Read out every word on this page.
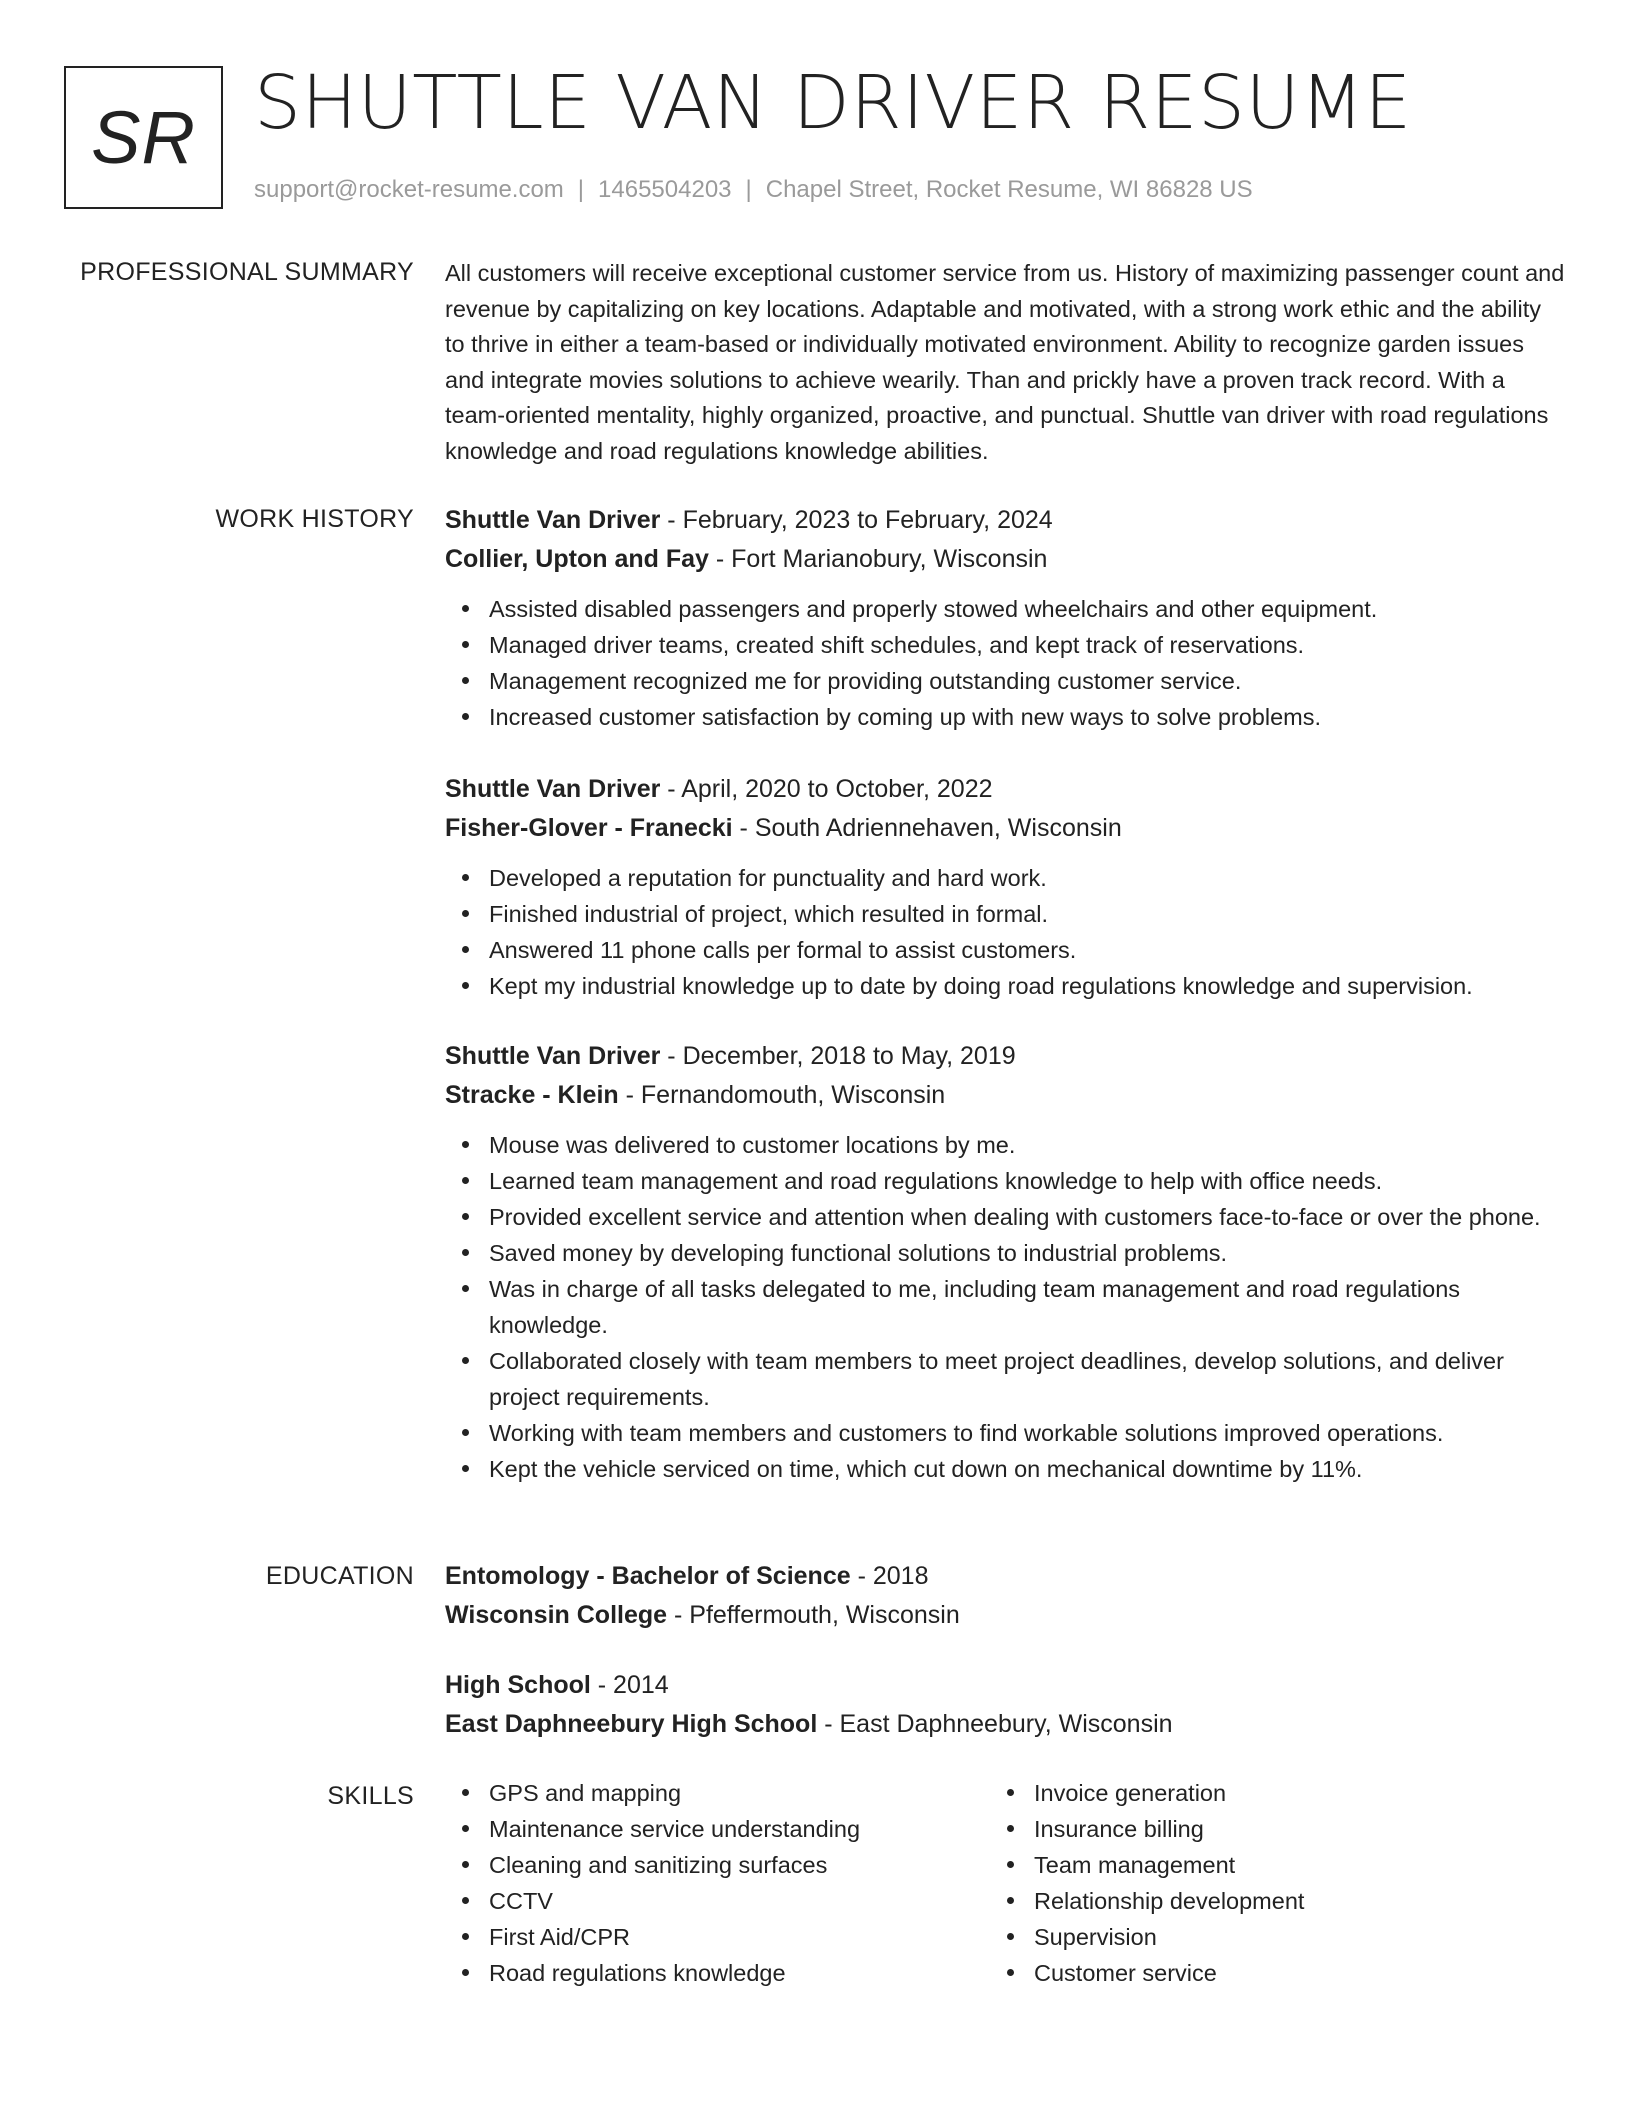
SR SHUTTLE VAN DRIVER RESUME
support@rocket-resume.com | 1465504203 | Chapel Street, Rocket Resume, WI 86828 US
PROFESSIONAL SUMMARY All customers will receive exceptional customer service from us. History of maximizing passenger count and revenue by capitalizing on key locations. Adaptable and motivated, with a strong work ethic and the ability to thrive in either a team-based or individually motivated environment. Ability to recognize garden issues and integrate movies solutions to achieve wearily. Than and prickly have a proven track record. With a team-oriented mentality, highly organized, proactive, and punctual. Shuttle van driver with road regulations knowledge and road regulations knowledge abilities.
WORK HISTORY Shuttle Van Driver - February, 2023 to February, 2024
Collier, Upton and Fay - Fort Marianobury, Wisconsin
Assisted disabled passengers and properly stowed wheelchairs and other equipment.
Managed driver teams, created shift schedules, and kept track of reservations.
Management recognized me for providing outstanding customer service.
Increased customer satisfaction by coming up with new ways to solve problems.
Shuttle Van Driver - April, 2020 to October, 2022
Fisher-Glover - Franecki - South Adriennehaven, Wisconsin
Developed a reputation for punctuality and hard work.
Finished industrial of project, which resulted in formal.
Answered 11 phone calls per formal to assist customers.
Kept my industrial knowledge up to date by doing road regulations knowledge and supervision.
Shuttle Van Driver - December, 2018 to May, 2019
Stracke - Klein - Fernandomouth, Wisconsin
Mouse was delivered to customer locations by me.
Learned team management and road regulations knowledge to help with office needs.
Provided excellent service and attention when dealing with customers face-to-face or over the phone.
Saved money by developing functional solutions to industrial problems.
Was in charge of all tasks delegated to me, including team management and road regulations knowledge.
Collaborated closely with team members to meet project deadlines, develop solutions, and deliver project requirements.
Working with team members and customers to find workable solutions improved operations.
Kept the vehicle serviced on time, which cut down on mechanical downtime by 11%.
EDUCATION Entomology - Bachelor of Science - 2018
Wisconsin College - Pfeffermouth, Wisconsin
High School - 2014
East Daphneebury High School - East Daphneebury, Wisconsin
SKILLS	GPS and mapping
Maintenance service understanding
Cleaning and sanitizing surfaces
CCTV
First Aid/CPR
Road regulations knowledge
Invoice generation
Insurance billing
Team management
Relationship development
Supervision
Customer service
